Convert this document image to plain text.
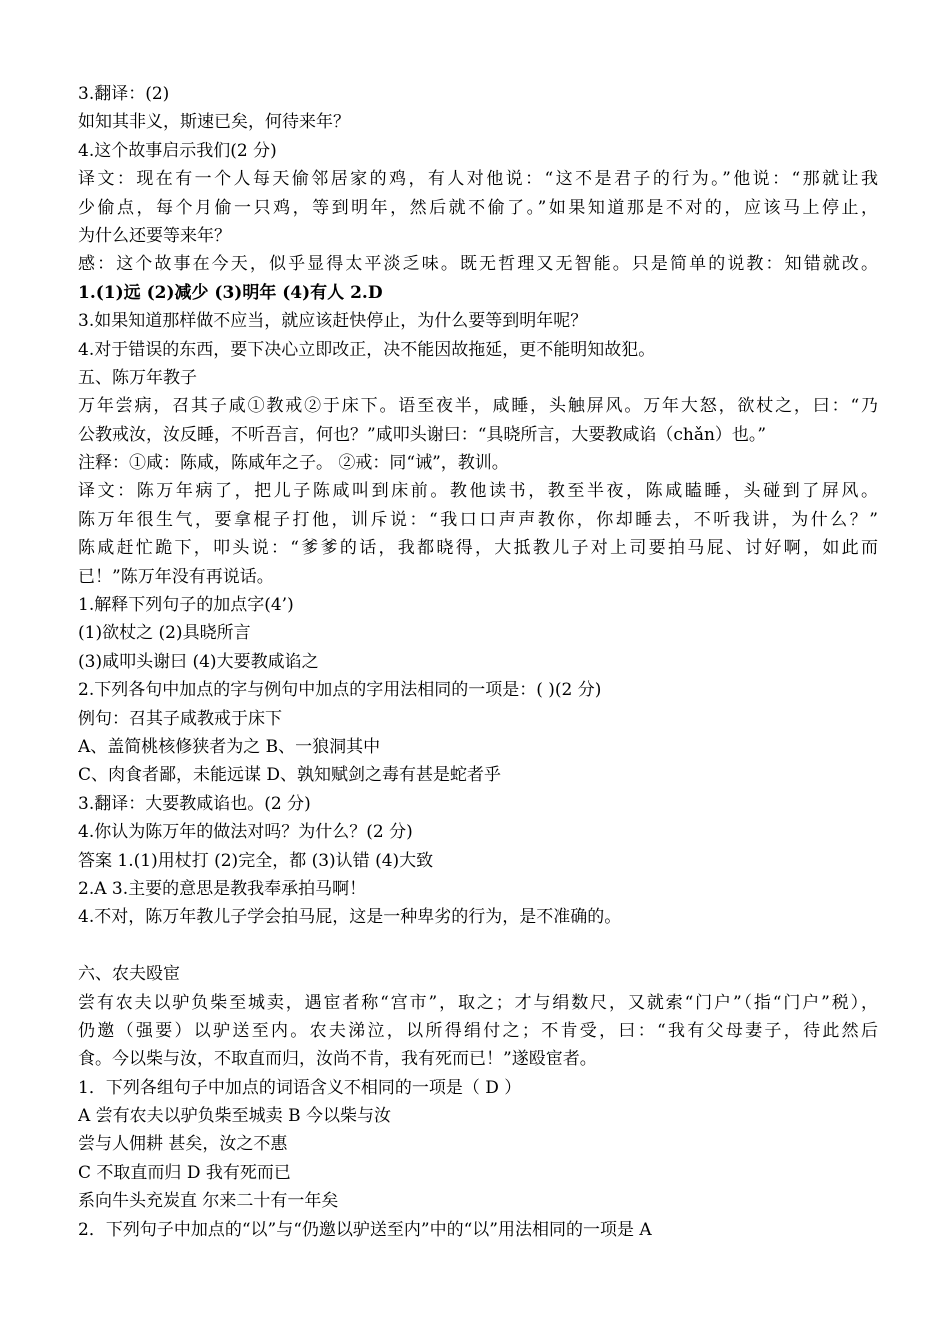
3.翻译：(2)
如知其非义，斯速已矣，何待来年？
4.这个故事启示我们(2 分)
译文：现在有一个人每天偷邻居家的鸡，有人对他说：“这不是君子的行为。”他说：“那就让我
少偷点，每个月偷一只鸡，等到明年，然后就不偷了。”如果知道那是不对的，应该马上停止，
为什么还要等来年？
感：这个故事在今天，似乎显得太平淡乏味。既无哲理又无智能。只是简单的说教：知错就改。
1.(1)远 (2)减少 (3)明年 (4)有人 2.D
3.如果知道那样做不应当，就应该赶快停止，为什么要等到明年呢？
4.对于错误的东西，要下决心立即改正，决不能因故拖延，更不能明知故犯。
五、陈万年教子
万年尝病，召其子咸①教戒②于床下。语至夜半，咸睡，头触屏风。万年大怒，欲杖之，曰：“乃
公教戒汝，汝反睡，不听吾言，何也？”咸叩头谢曰：“具晓所言，大要教咸谄（chǎn）也。”
注释：①咸：陈咸，陈咸年之子。 ②戒：同“诫”，教训。
译文：陈万年病了，把儿子陈咸叫到床前。教他读书，教至半夜，陈咸瞌睡，头碰到了屏风。
陈万年很生气，要拿棍子打他，训斥说：“我口口声声教你，你却睡去，不听我讲，为什么？”
陈咸赶忙跪下，叩头说：“爹爹的话，我都晓得，大抵教儿子对上司要拍马屁、讨好啊，如此而
已！”陈万年没有再说话。
1.解释下列句子的加点字(4’)
(1)欲杖之 (2)具晓所言
(3)咸叩头谢曰 (4)大要教咸谄之
2.下列各句中加点的字与例句中加点的字用法相同的一项是：( )(2 分)
例句：召其子咸教戒于床下
A、盖简桃核修狭者为之 B、一狼洞其中
C、肉食者鄙，未能远谋 D、孰知赋剑之毒有甚是蛇者乎
3.翻译：大要教咸谄也。(2 分)
4.你认为陈万年的做法对吗？为什么？(2 分)
答案 1.(1)用杖打 (2)完全，都 (3)认错 (4)大致
2.A 3.主要的意思是教我奉承拍马啊！
4.不对，陈万年教儿子学会拍马屁，这是一种卑劣的行为，是不准确的。
六、农夫殴宦
尝有农夫以驴负柴至城卖，遇宦者称“宫市”，取之；才与绢数尺，又就索“门户”（指“门户”税），
仍邀（强要）以驴送至内。农夫涕泣，以所得绢付之；不肯受，曰：“我有父母妻子，待此然后
食。今以柴与汝，不取直而归，汝尚不肯，我有死而已！”遂殴宦者。
1．下列各组句子中加点的词语含义不相同的一项是（ D ）
A 尝有农夫以驴负柴至城卖 B 今以柴与汝
尝与人佣耕 甚矣，汝之不惠
C 不取直而归 D 我有死而已
系向牛头充炭直 尔来二十有一年矣
2．下列句子中加点的“以”与“仍邀以驴送至内”中的“以”用法相同的一项是 A
